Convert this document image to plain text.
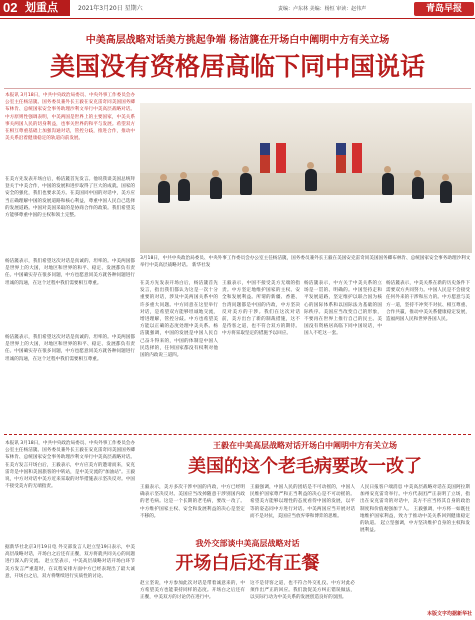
02 划重点	2021年3月20日 星期六	责编：卢东林 美编：杨恒 审读：赵伟声	青岛早报
中美高层战略对话美方挑起争端 杨洁篪在开场白中阐明中方有关立场
美国没有资格居高临下同中国说话
本报讯 3月18日，中共中央政治局委员、中央外事工作委员会办公室主任杨洁篪、国务委员兼外长王毅在安克雷奇同美国国务卿布林肯、总统国家安全事务助理沙利文举行中美高层战略对话。 中方原则性强调表明，中美两国是世界上的主要国家，中美关系事关两国人民的切身利益，也事关世界的和平与发展。希望双方在相互尊重基础上加强沟通对话，管控分歧，推进合作，推动中美关系沿着健康稳定的轨道向前发展。
在美方先发表开场白后，杨洁篪首先发言。他说我谈美国总统拜登关于中美合作，中国的发展和进步取得了巨大的成就。国家的安全的强化，我们也要求美方。在美国同中国的对话中，美方应当正确理解中国的发展道路和核心利益，尊重中国人民自己选择的发展道路。中国对美国采取的是协商合作的政策。我们希望美方能够尊重中国的主权和领土完整。
杨洁篪表示，我们希望这次对话是真诚的、坦率的。中美两国都是世界上的大国，对地区和世界的和平、稳定、发展都负有责任。中国确实存在很多问题，中方也愿意同美方就各种问题进行坦诚的沟通，在这个过程中我们需要相互尊重。
3月18日，中共中央政治局委员、中央外事工作委员会办公室主任杨洁篪，国务委员兼外长王毅在美国安克雷奇同美国国务卿布林肯、总统国家安全事务助理沙利文举行中美高层战略对话。 新华社发
在美方先发表开场白后，杨洁篪首先发言，指出我们都认为这是一次十分重要的对话，涉及中美两国关系中的许多重大问题。中方同意在这里举行对话，是希望双方能够坦诚地交流，增进理解，管控分歧。中方也希望美方能以正确的态度处理中美关系。杨洁篪强调，中国的发展是中国人民自己奋斗得来的，中国的体制是中国人民选择的，任何国家都没有权利对他国的内政说三道四。
王毅表示，中国不接受美方无端的指责。中方坚定地维护国家的主权、安全和发展利益。所谓的新疆、香港、台湾问题都是中国的内政，中方坚决反对美方的干涉。我们在这次对话前，美方出台了新的制裁措施，这不是待客之道，也不符合双方的期待。中方将采取坚定的措施予以回应。
杨洁篪表示，中方关于中美关系的立场是一贯的、明确的。中国坚持走和平发展道路，坚定维护以联合国为核心的国际体系和以国际法为基础的国际秩序。美国应当改变自己的形象，不要再在世界上推行自己的民主。美国没有资格居高临下同中国说话，中国人不吃这一套。
杨洁篪表示，中美关系在新的历史条件下需要双方共同努力。中国人民是不会接受任何外来的干涉和压力的。中方愿意与美方一道，坚持不冲突不对抗、相互尊重、合作共赢，推动中美关系健康稳定发展，造福两国人民和世界各国人民。
杨洁篪表示，我们希望这次对话是真诚的、坦率的。中美两国都是世界上的大国，对地区和世界的和平、稳定、发展都负有责任。中国确实存在很多问题，中方也愿意同美方就各种问题进行坦诚的沟通，在这个过程中我们需要相互尊重。
王毅在中美高层战略对话开场白中阐明中方有关立场
美国的这个老毛病要改一改了
本报讯 3月18日，中共中央政治局委员、中央外事工作委员会办公室主任杨洁篪、国务委员兼外长王毅在安克雷奇同美国国务卿布林肯、总统国家安全事务助理沙利文举行中美高层战略对话。 在美方发言开场白后，王毅表示，中方应美方的邀请而来，安克雷奇是中国和美国旅客的中转站，是中美交流的"加油站"。王毅说，中方对对话中美方近来采取的对华措施表示坚决反对。中国不接受美方的无端指责。	王毅表示，美方多次干涉中国的内政，中方已经明确表示坚决反对。美国应当改掉随意干涉别国内政的老毛病。这是一个长期的老毛病，要改一改了。中方维护国家主权、安全和发展利益的决心是坚定不移的。
王毅强调，中国人民的团结是不可动摇的，中国人民维护国家尊严和正当利益的决心是不可动摇的。希望美方能够以理性的态度看待中国的发展，以平等的姿态同中方进行对话。中美两国应当开展对话而不是对抗，美国应当放弃零和博弈的思维。
人民日报客户端消息 中美高层战略对话在美国阿拉斯加州安克雷奇举行。中方代表团严正表明了立场，指出在安克雷奇的对话中，美方不应当将其自身的政治制度和价值观强加于人。 王毅强调，中方将一如既往地维护国家利益，致力于推动中美关系回到健康稳定的轨道。 起立坚强调，中方坚决维护自身的主权和发展利益。
我外交部谈中美高层战略对话
开场白后还有正餐
据新华社北京3月19日电 外交部发言人赵立坚19日表示，中美高层战略对话，开场白之后还有正餐，双方将就共同关心的问题进行深入的交流。 赵立坚表示，中美高层战略对话开场白环节美方发言严重超时，在议程安排方面中方已经表现出了最大诚意，开场白之后，双方将继续进行实质性的讨论。
赵立坚说，中方参加此次对话是带着诚意来的，中方希望美方也能秉持同样的态度。开场白之后还有正餐，中美双方的讨论仍在进行中。
这不是待客之道，也不符合外交礼仪。中方对此必须作出严正的回应。我们敦促美方纠正错误做法，以实际行动为中美关系的发展创造良好的氛围。
本版文字均据新华社
